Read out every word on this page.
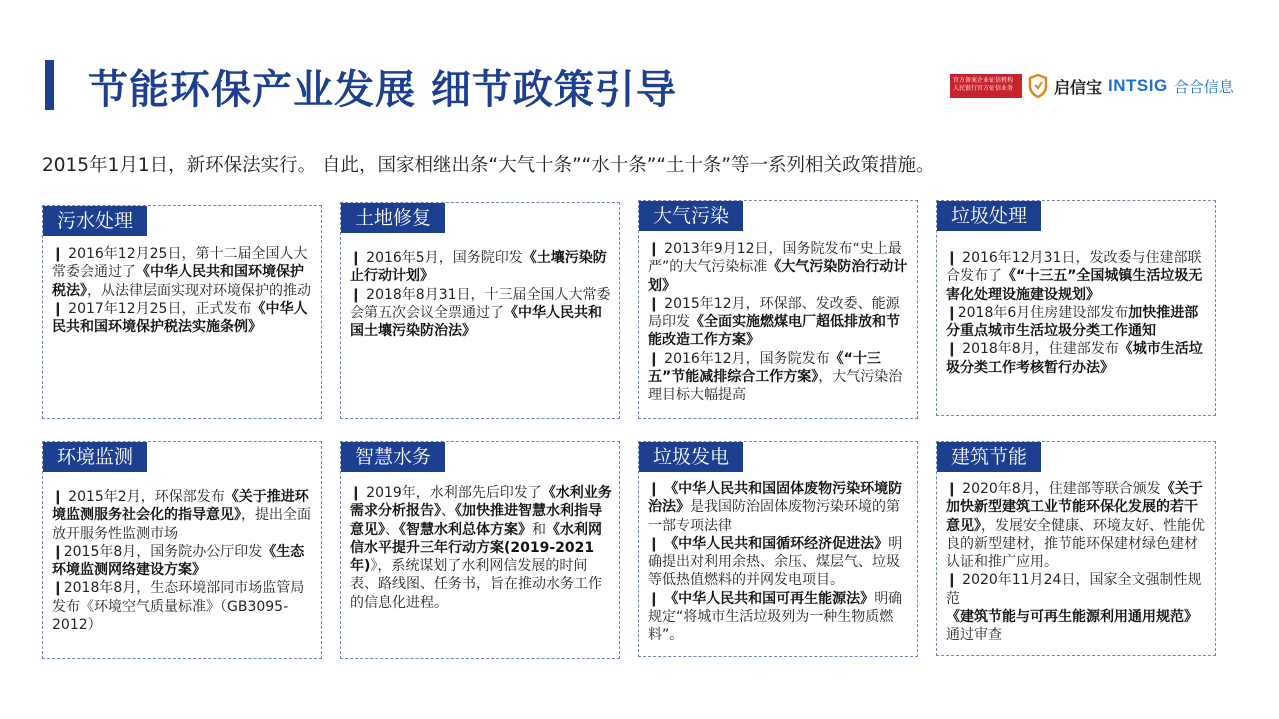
节能环保产业发展 细节政策引导	官方备案企业征信机构
人民银行官方征信业务	启信宝 INTSIG 合合信息
2015年1月1日，新环保法实行。 自此，国家相继出条“大气十条”“水十条”“土十条”等一系列相关政策措施。
污水处理

❙ 2016年12月25日，第十二届全国人大常委会通过了《中华人民共和国环境保护税法》，从法律层面实现对环境保护的推动

❙ 2017年12月25日，正式发布《中华人民共和国环境保护税法实施条例》

土地修复

❙ 2016年5月，国务院印发《土壤污染防止行动计划》

❙ 2018年8月31日，十三届全国人大常委会第五次会议全票通过了《中华人民共和国土壤污染防治法》

大气污染

❙ 2013年9月12日，国务院发布“史上最严”的大气污染标准《大气污染防治行动计划》

❙ 2015年12月，环保部、发改委、能源局印发《全面实施燃煤电厂超低排放和节能改造工作方案》

❙ 2016年12月，国务院发布《“十三五”节能减排综合工作方案》，大气污染治理目标大幅提高

垃圾处理

❙ 2016年12月31日，发改委与住建部联合发布了《“十三五”全国城镇生活垃圾无害化处理设施建设规划》

❙2018年6月住房建设部发布加快推进部分重点城市生活垃圾分类工作通知

❙ 2018年8月，住建部发布《城市生活垃圾分类工作考核暂行办法》

环境监测

❙ 2015年2月，环保部发布《关于推进环境监测服务社会化的指导意见》，提出全面放开服务性监测市场

❙2015年8月，国务院办公厅印发《生态环境监测网络建设方案》

❙2018年8月，生态环境部同市场监管局发布《环境空气质量标准》（GB3095-2012）

智慧水务

❙ 2019年，水利部先后印发了《水利业务需求分析报告》、《加快推进智慧水利指导意见》、《智慧水利总体方案》和《水利网信水平提升三年行动方案(2019-2021年)》，系统谋划了水利网信发展的时间表、路线图、任务书，旨在推动水务工作的信息化进程。

垃圾发电

❙ 《中华人民共和国固体废物污染环境防治法》是我国防治固体废物污染环境的第一部专项法律

❙ 《中华人民共和国循环经济促进法》明确提出对利用余热、余压、煤层气、垃圾等低热值燃料的并网发电项目。

❙ 《中华人民共和国可再生能源法》明确规定“将城市生活垃圾列为一种生物质燃料”。

建筑节能

❙ 2020年8月，住建部等联合颁发《关于加快新型建筑工业节能环保化发展的若干意见》，发展安全健康、环境友好、性能优良的新型建材，推节能环保建材绿色建材认证和推广应用。

❙ 2020年11月24日，国家全文强制性规范《建筑节能与可再生能源利用通用规范》通过审查
